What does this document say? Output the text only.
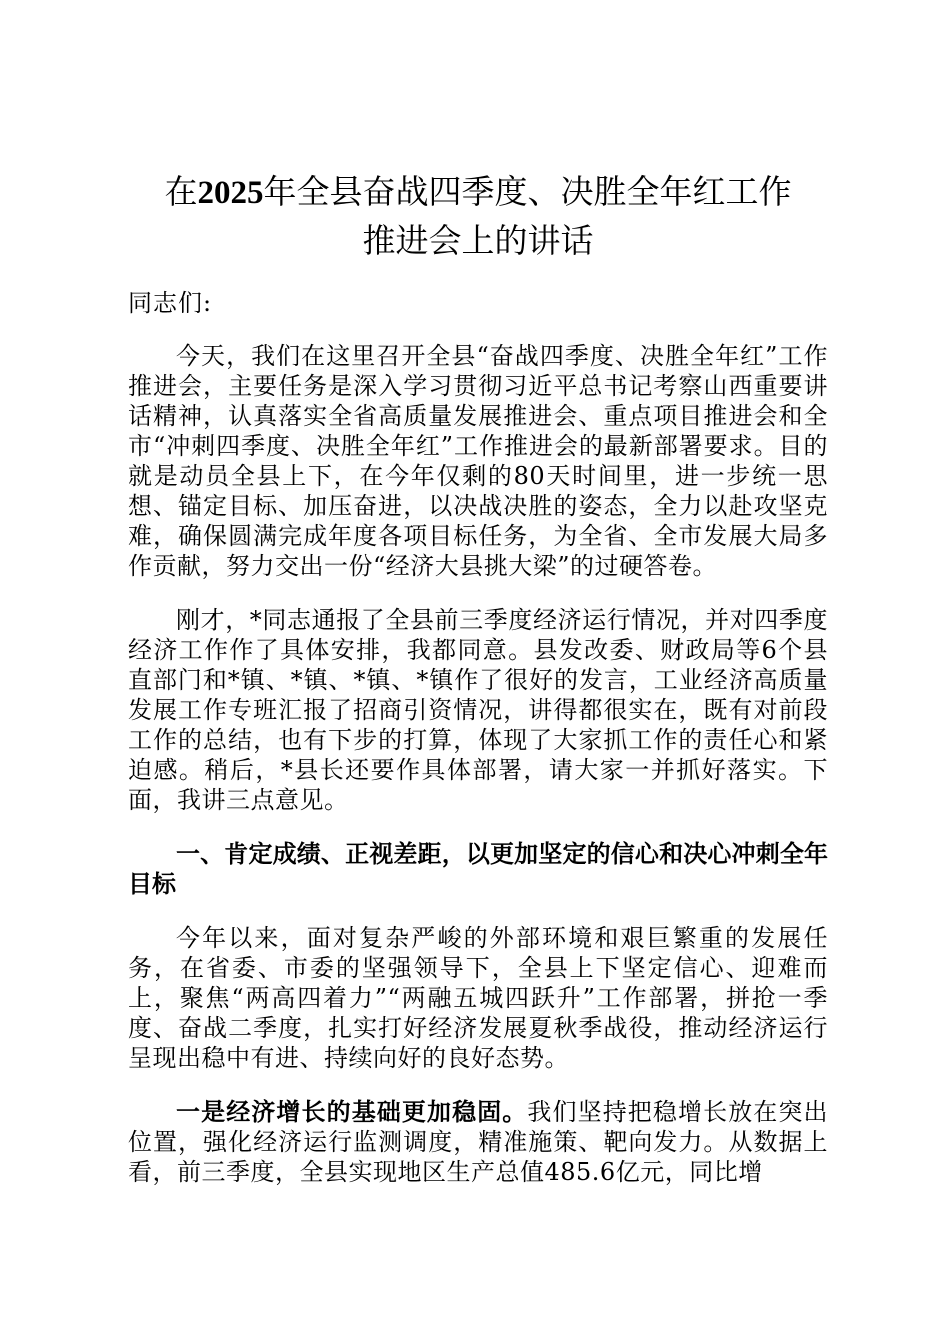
在2025年全县奋战四季度、决胜全年红工作
推进会上的讲话
同志们:

今天，我们在这里召开全县“奋战四季度、决胜全年红”工作推进会，主要任务是深入学习贯彻习近平总书记考察山西重要讲话精神，认真落实全省高质量发展推进会、重点项目推进会和全市“冲刺四季度、决胜全年红”工作推进会的最新部署要求。目的就是动员全县上下，在今年仅剩的80天时间里，进一步统一思想、锚定目标、加压奋进，以决战决胜的姿态，全力以赴攻坚克难，确保圆满完成年度各项目标任务，为全省、全市发展大局多作贡献，努力交出一份“经济大县挑大梁”的过硬答卷。

刚才，*同志通报了全县前三季度经济运行情况，并对四季度经济工作作了具体安排，我都同意。县发改委、财政局等6个县直部门和*镇、*镇、*镇、*镇作了很好的发言，工业经济高质量发展工作专班汇报了招商引资情况，讲得都很实在，既有对前段工作的总结，也有下步的打算，体现了大家抓工作的责任心和紧迫感。稍后，*县长还要作具体部署，请大家一并抓好落实。下面，我讲三点意见。

一、肯定成绩、正视差距，以更加坚定的信心和决心冲刺全年目标

今年以来，面对复杂严峻的外部环境和艰巨繁重的发展任务，在省委、市委的坚强领导下，全县上下坚定信心、迎难而上，聚焦“两高四着力”“两融五城四跃升”工作部署，拼抢一季度、奋战二季度，扎实打好经济发展夏秋季战役，推动经济运行呈现出稳中有进、持续向好的良好态势。

一是经济增长的基础更加稳固。我们坚持把稳增长放在突出位置，强化经济运行监测调度，精准施策、靶向发力。从数据上看，前三季度，全县实现地区生产总值485.6亿元，同比增
